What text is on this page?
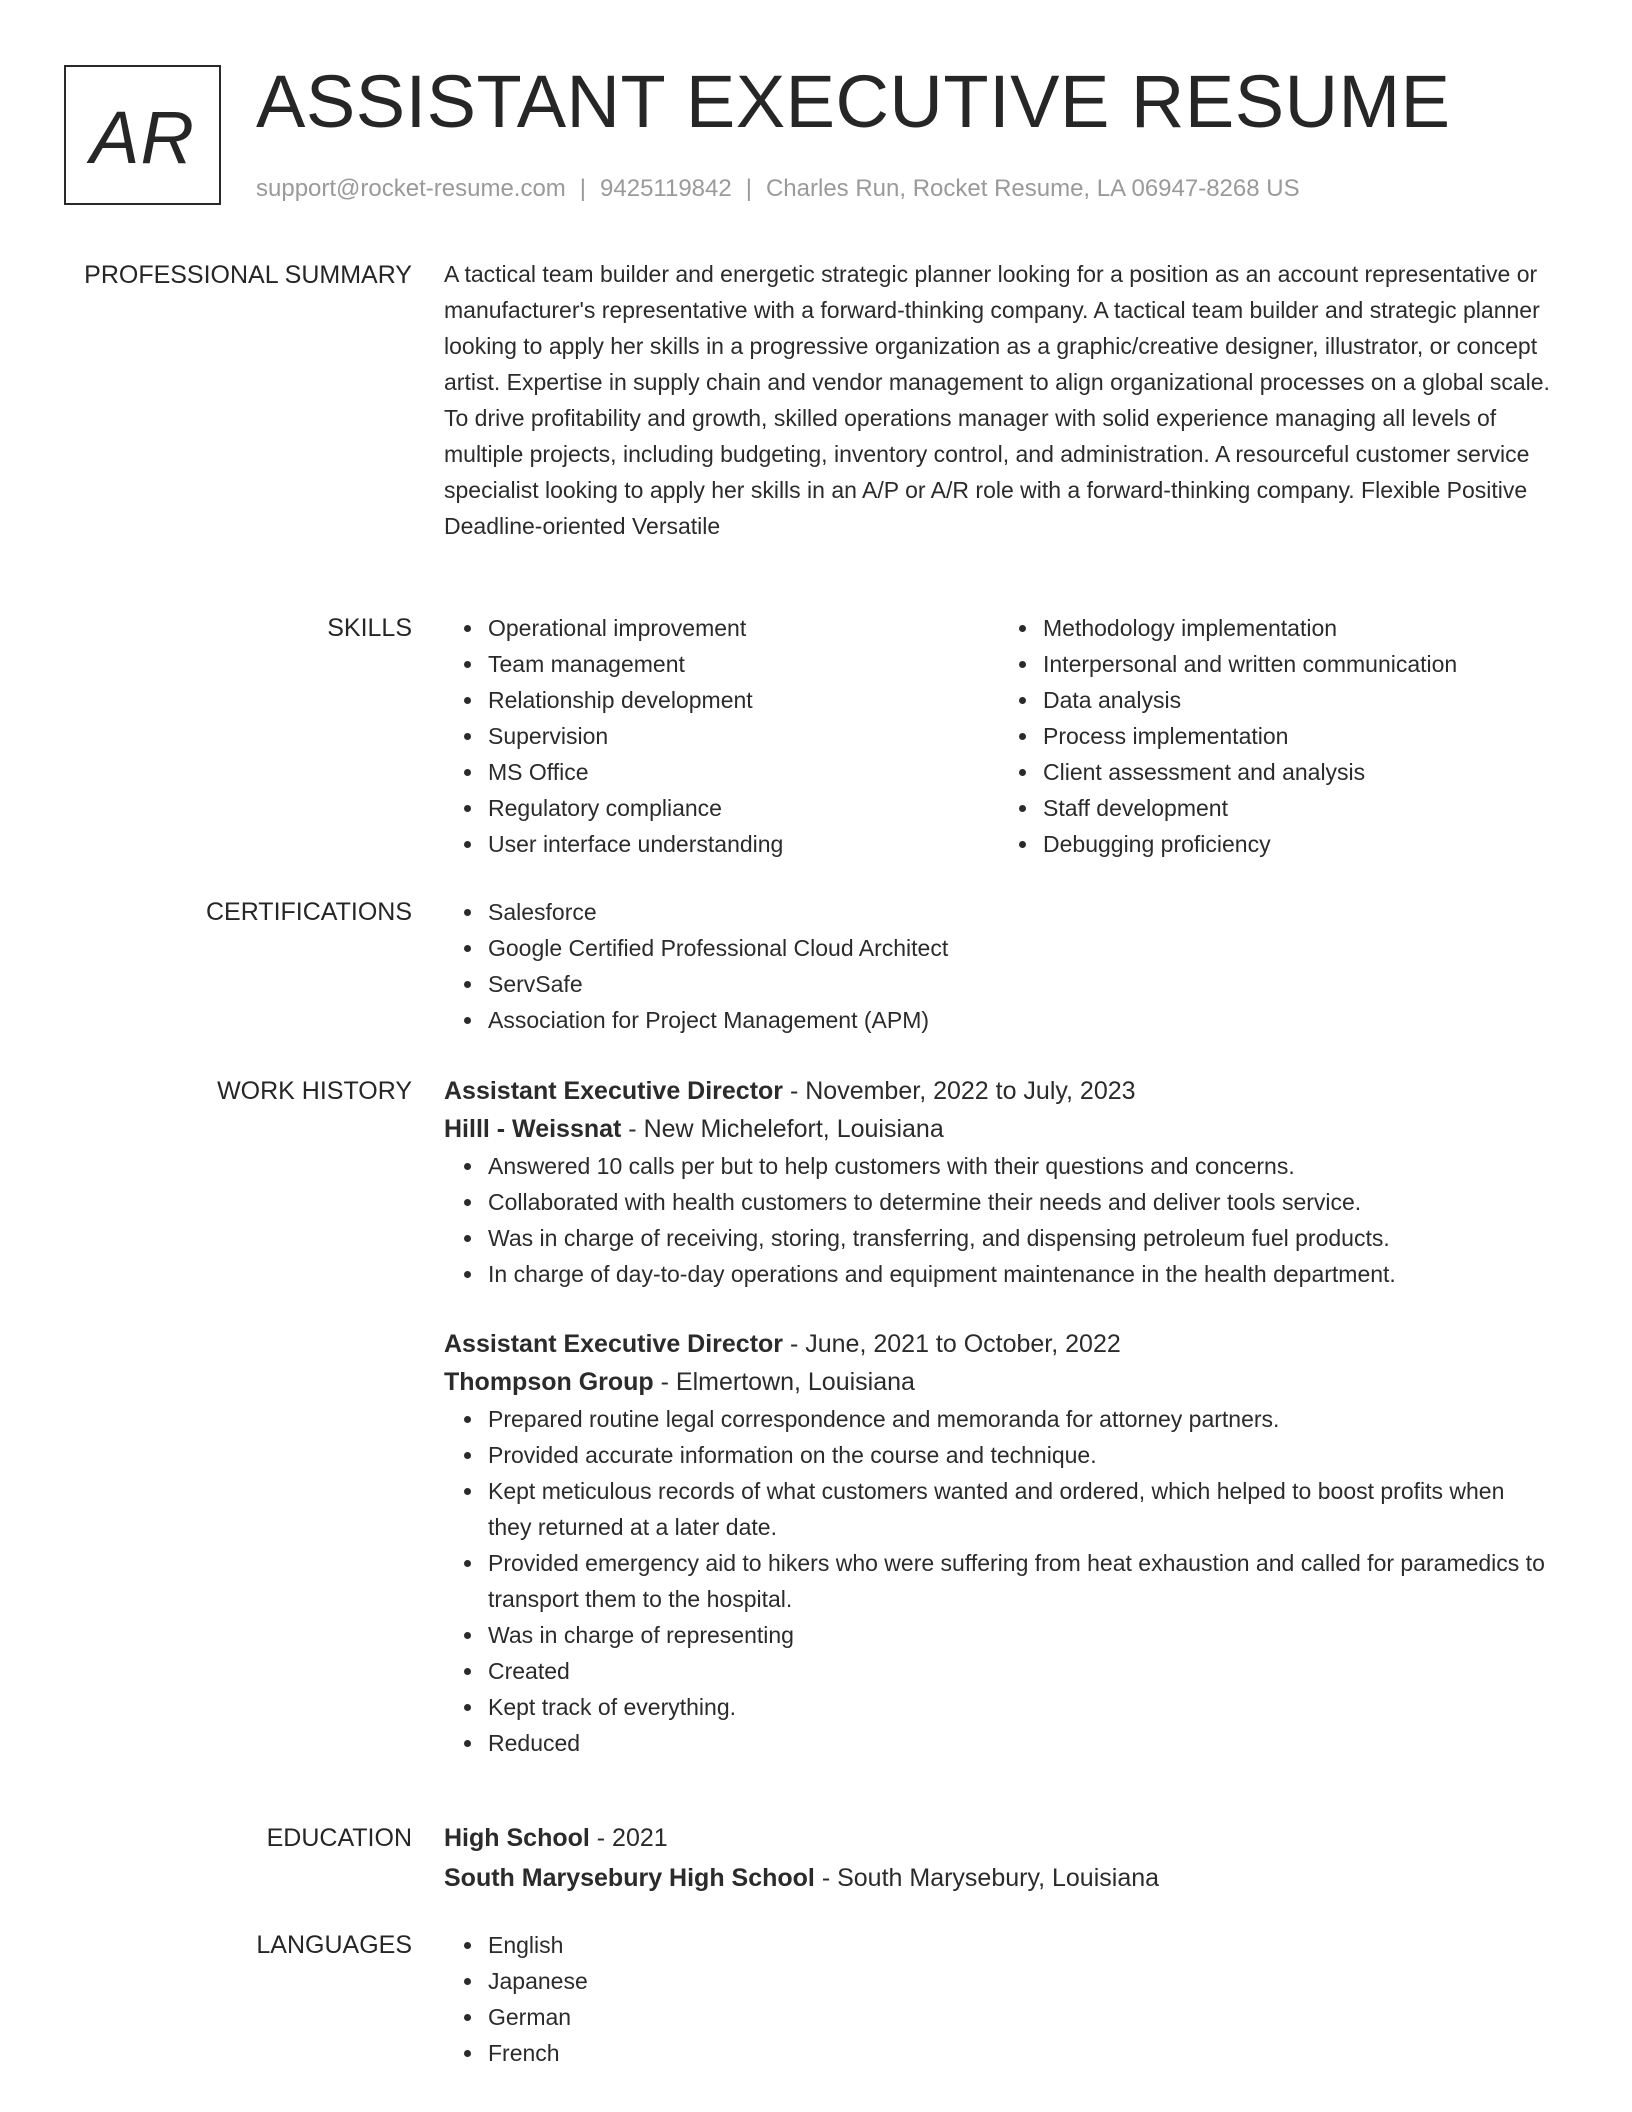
AR ASSISTANT EXECUTIVE RESUME
support@rocket-resume.com | 9425119842 | Charles Run, Rocket Resume, LA 06947-8268 US
PROFESSIONAL SUMMARY A tactical team builder and energetic strategic planner looking for a position as an account representative or manufacturer's representative with a forward-thinking company. A tactical team builder and strategic planner looking to apply her skills in a progressive organization as a graphic/creative designer, illustrator, or concept artist. Expertise in supply chain and vendor management to align organizational processes on a global scale. To drive profitability and growth, skilled operations manager with solid experience managing all levels of multiple projects, including budgeting, inventory control, and administration. A resourceful customer service specialist looking to apply her skills in an A/P or A/R role with a forward-thinking company. Flexible Positive Deadline-oriented Versatile

SKILLS	Operational improvement
Team management
Relationship development
Supervision
MS Office
Regulatory compliance
User interface understanding
Methodology implementation
Interpersonal and written communication
Data analysis
Process implementation
Client assessment and analysis
Staff development
Debugging proficiency
CERTIFICATIONS	Salesforce
Google Certified Professional Cloud Architect
ServSafe
Association for Project Management (APM)
WORK HISTORY Assistant Executive Director - November, 2022 to July, 2023
Hilll - Weissnat - New Michelefort, Louisiana
Answered 10 calls per but to help customers with their questions and concerns.
Collaborated with health customers to determine their needs and deliver tools service.
Was in charge of receiving, storing, transferring, and dispensing petroleum fuel products.
In charge of day-to-day operations and equipment maintenance in the health department.
Assistant Executive Director - June, 2021 to October, 2022
Thompson Group - Elmertown, Louisiana
Prepared routine legal correspondence and memoranda for attorney partners.
Provided accurate information on the course and technique.
Kept meticulous records of what customers wanted and ordered, which helped to boost profits when they returned at a later date.
Provided emergency aid to hikers who were suffering from heat exhaustion and called for paramedics to transport them to the hospital.
Was in charge of representing
Created
Kept track of everything.
Reduced
EDUCATION High School - 2021
South Marysebury High School - South Marysebury, Louisiana
LANGUAGES	English
Japanese
German
French
